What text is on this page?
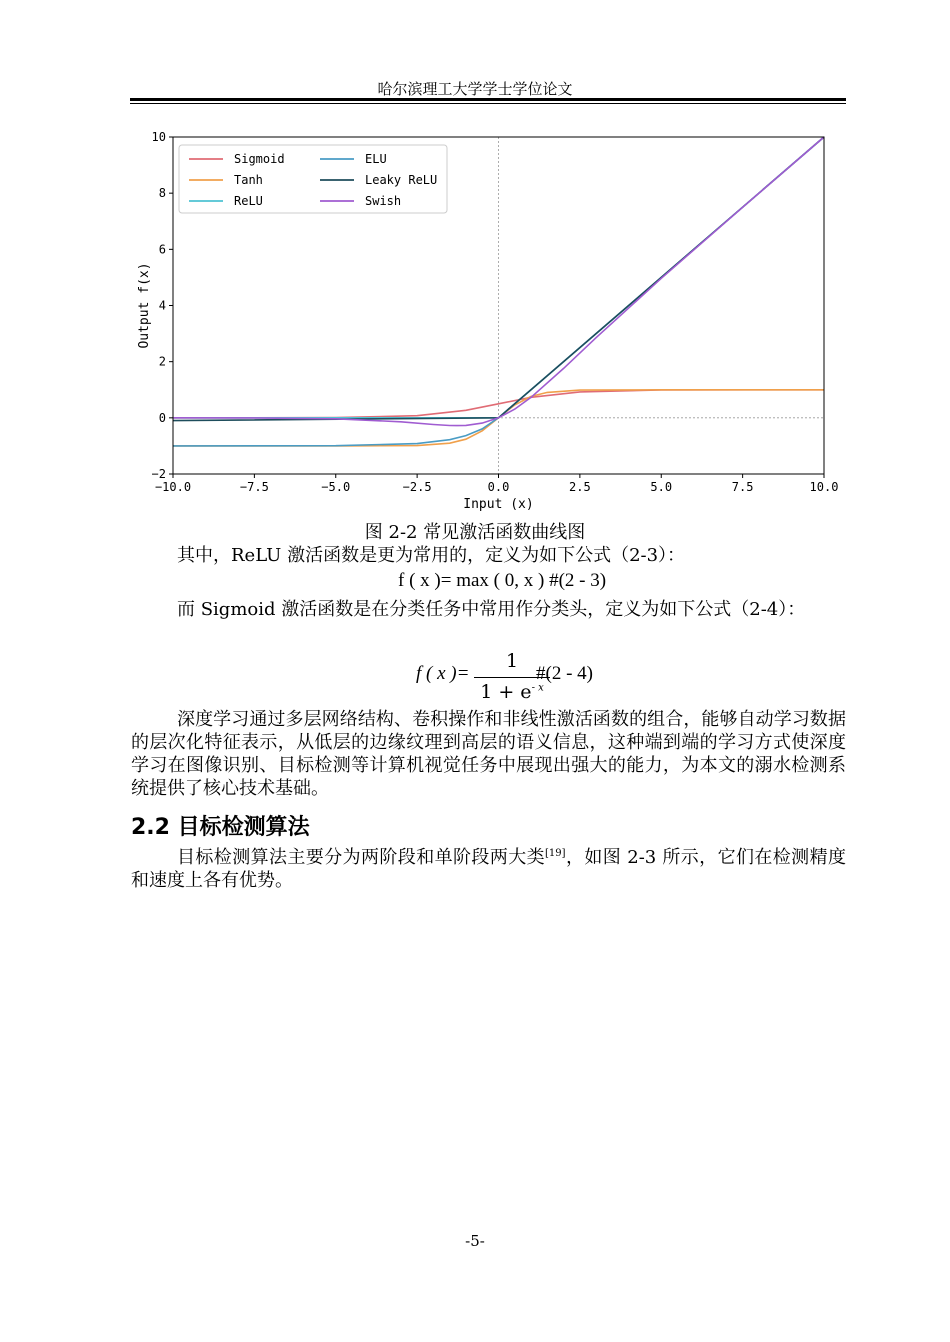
哈尔滨理工大学学士学位论文
−10.0	−7.5	−5.0	−2.5	0.0	2.5	5.0	7.5	10.0
−2
0
2
4
6
8
10
Input (x)
Output f(x)
Sigmoid
Tanh
ReLU
ELU
Leaky ReLU
Swish
图 2-2 常见激活函数曲线图
其中，ReLU 激活函数是更为常用的，定义为如下公式（2-3）：
f ( x )= max ( 0, x ) #(2 - 3)
而 Sigmoid 激活函数是在分类任务中常用作分类头，定义为如下公式（2-4）：
f ( x )=
1
$1 + e^{- x}$
#(2 - 4)
深度学习通过多层网络结构、卷积操作和非线性激活函数的组合，能够自动学习数据的层次化特征表示，从低层的边缘纹理到高层的语义信息，这种端到端的学习方式使深度学习在图像识别、目标检测等计算机视觉任务中展现出强大的能力，为本文的溺水检测系统提供了核心技术基础。
2.2 目标检测算法
目标检测算法主要分为两阶段和单阶段两大类[19]，如图 2-3 所示，它们在检测精度和速度上各有优势。
-5-
